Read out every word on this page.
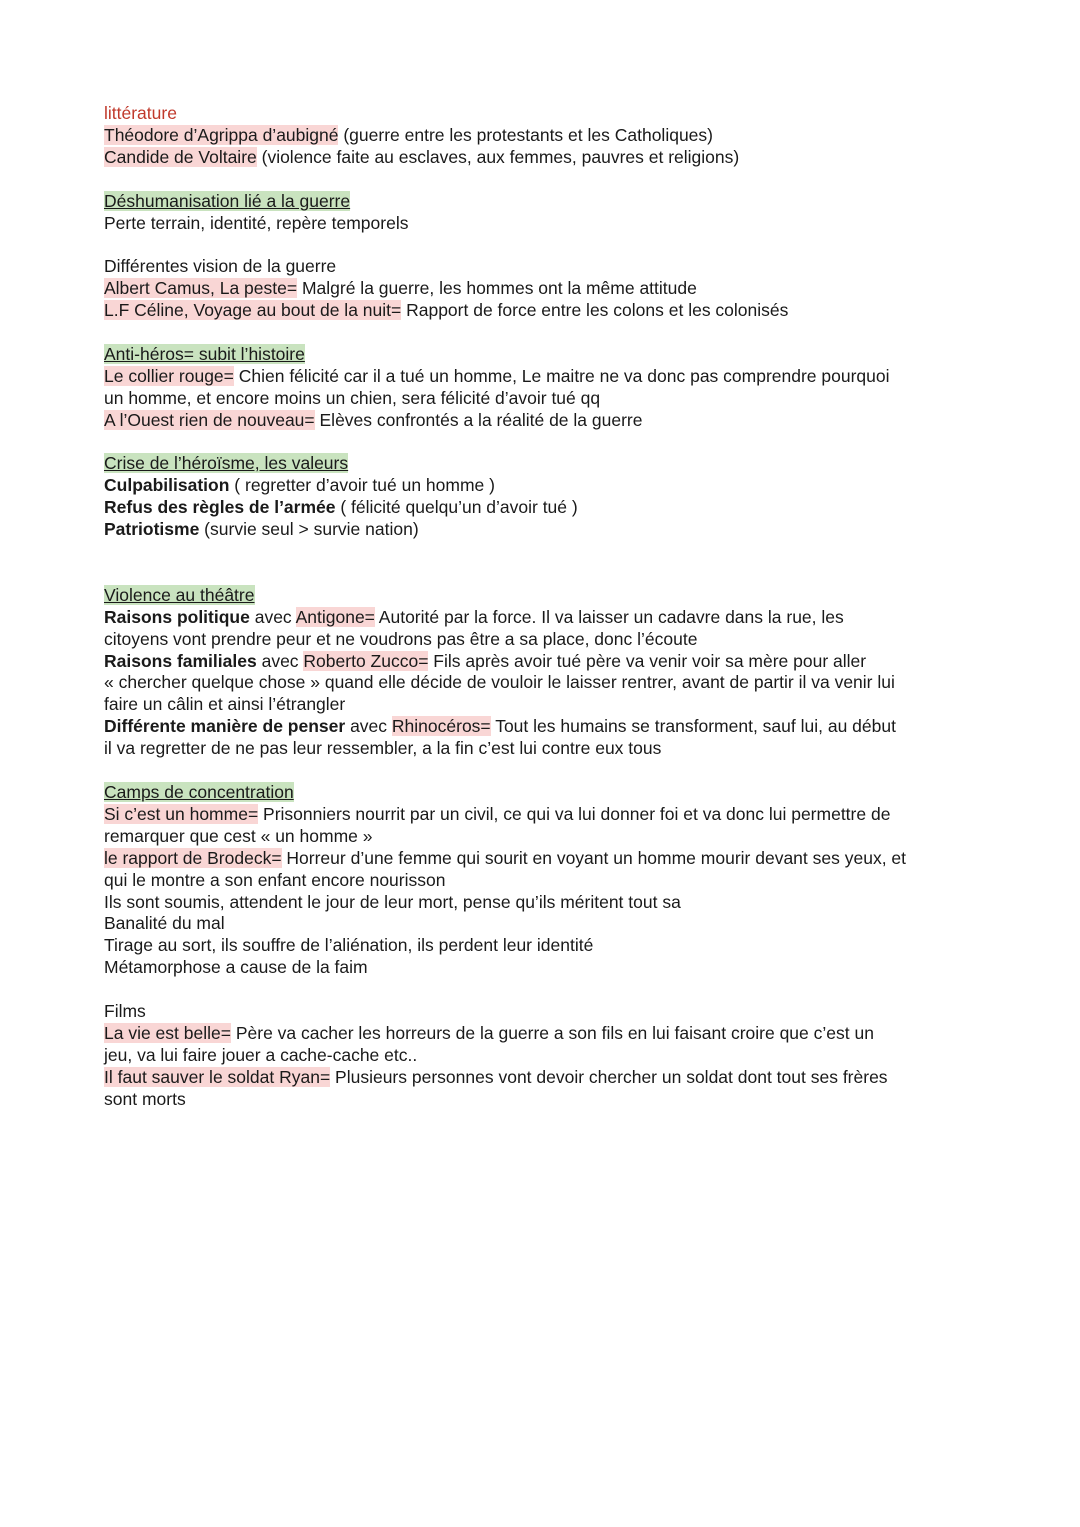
littérature
Théodore d’Agrippa d’aubigné (guerre entre les protestants et les Catholiques)
Candide de Voltaire (violence faite au esclaves, aux femmes, pauvres et religions)
Déshumanisation lié a la guerre
Perte terrain, identité, repère temporels
Différentes vision de la guerre
Albert Camus, La peste= Malgré la guerre, les hommes ont la même attitude
L.F Céline, Voyage au bout de la nuit= Rapport de force entre les colons et les colonisés
Anti-héros= subit l’histoire
Le collier rouge= Chien félicité car il a tué un homme, Le maitre ne va donc pas comprendre pourquoi
un homme, et encore moins un chien, sera félicité d’avoir tué qq
A l’Ouest rien de nouveau= Elèves confrontés a la réalité de la guerre
Crise de l’héroïsme, les valeurs
Culpabilisation ( regretter d’avoir tué un homme )
Refus des règles de l’armée ( félicité quelqu’un d’avoir tué )
Patriotisme (survie seul > survie nation)
Violence au théâtre
Raisons politique avec Antigone= Autorité par la force. Il va laisser un cadavre dans la rue, les
citoyens vont prendre peur et ne voudrons pas être a sa place, donc l’écoute
Raisons familiales avec Roberto Zucco= Fils après avoir tué père va venir voir sa mère pour aller
« chercher quelque chose » quand elle décide de vouloir le laisser rentrer, avant de partir il va venir lui
faire un câlin et ainsi l’étrangler
Différente manière de penser avec Rhinocéros= Tout les humains se transforment, sauf lui, au début
il va regretter de ne pas leur ressembler, a la fin c’est lui contre eux tous
Camps de concentration
Si c’est un homme= Prisonniers nourrit par un civil, ce qui va lui donner foi et va donc lui permettre de
remarquer que cest « un homme »
le rapport de Brodeck= Horreur d’une femme qui sourit en voyant un homme mourir devant ses yeux, et
qui le montre a son enfant encore nourisson
Ils sont soumis, attendent le jour de leur mort, pense qu’ils méritent tout sa
Banalité du mal
Tirage au sort, ils souffre de l’aliénation, ils perdent leur identité
Métamorphose a cause de la faim
Films
La vie est belle= Père va cacher les horreurs de la guerre a son fils en lui faisant croire que c’est un
jeu, va lui faire jouer a cache-cache etc..
Il faut sauver le soldat Ryan= Plusieurs personnes vont devoir chercher un soldat dont tout ses frères
sont morts
